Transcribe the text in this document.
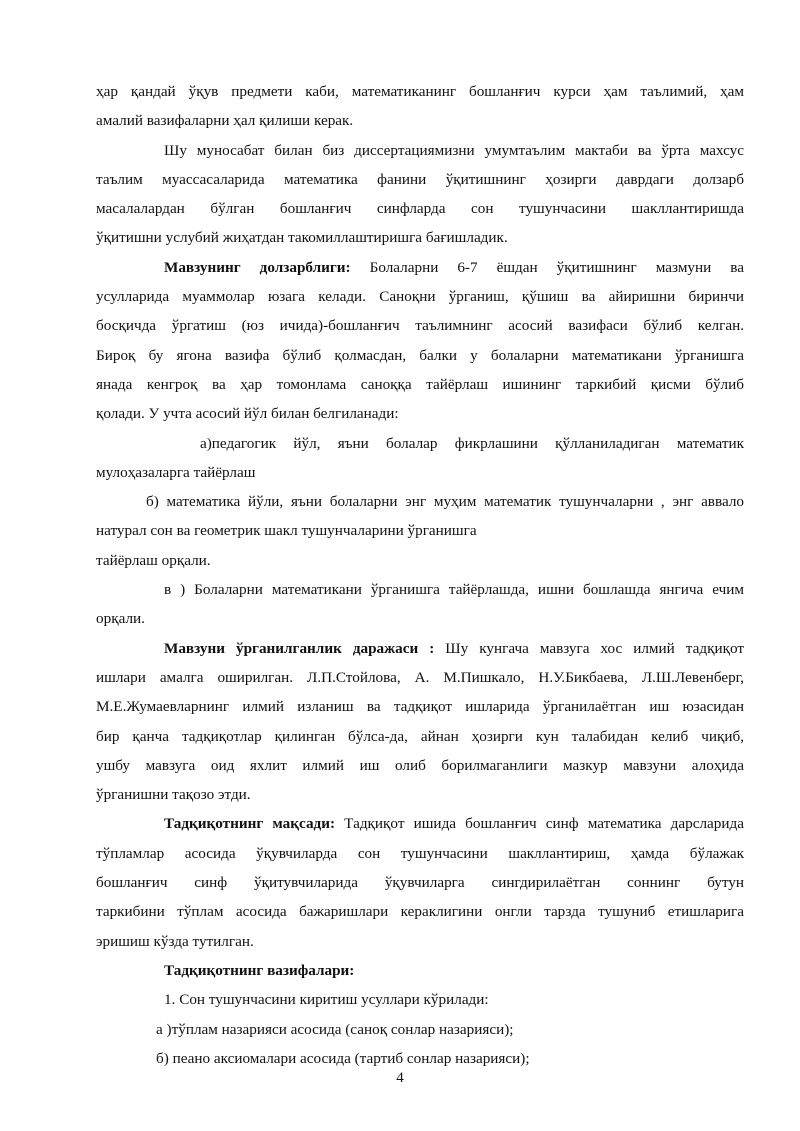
ҳар қандай ўқув предмети каби, математиканинг бошланғич курси ҳам таълимий, ҳам
амалий вазифаларни ҳал қилиши керак.
Шу муносабат билан биз диссертациямизни умумтаълим мактаби ва ўрта махсус
таълим муассасаларида математика фанини ўқитишнинг ҳозирги даврдаги долзарб
масалалардан бўлган бошланғич синфларда сон тушунчасини шакллантиришда
ўқитишни услубий жиҳатдан такомиллаштиришга бағишладик.
Мавзунинг долзарблиги: Болаларни 6-7 ёшдан ўқитишнинг мазмуни ва
усулларида муаммолар юзага келади. Саноқни ўрганиш, қўшиш ва айиришни биринчи
босқичда ўргатиш (юз ичида)-бошланғич таълимнинг асосий вазифаси бўлиб келган.
Бироқ бу ягона вазифа бўлиб қолмасдан, балки у болаларни математикани ўрганишга
янада кенгроқ ва ҳар томонлама саноққа тайёрлаш ишининг таркибий қисми бўлиб
қолади. У учта асосий йўл билан белгиланади:
а)педагогик йўл, яъни болалар фикрлашини қўлланиладиган математик
мулоҳазаларга тайёрлаш
б) математика йўли, яъни болаларни энг муҳим математик тушунчаларни , энг аввало
натурал сон ва геометрик шакл тушунчаларини ўрганишга
тайёрлаш орқали.
в ) Болаларни математикани ўрганишга тайёрлашда, ишни бошлашда янгича ечим
орқали.
Мавзуни ўрганилганлик даражаси : Шу кунгача мавзуга хос илмий тадқиқот
ишлари амалга оширилган. Л.П.Стойлова, А. М.Пишкало, Н.У.Бикбаева, Л.Ш.Левенберг,
М.Е.Жумаевларнинг илмий изланиш ва тадқиқот ишларида ўрганилаётган иш юзасидан
бир қанча тадқиқотлар қилинган бўлса-да, айнан ҳозирги кун талабидан келиб чиқиб,
ушбу мавзуга оид яхлит илмий иш олиб борилмаганлиги мазкур мавзуни алоҳида
ўрганишни тақозо этди.
Тадқиқотнинг мақсади: Тадқиқот ишида бошланғич синф математика дарсларида
тўпламлар асосида ўқувчиларда сон тушунчасини шакллантириш, ҳамда бўлажак
бошланғич синф ўқитувчиларида ўқувчиларга сингдирилаётган соннинг бутун
таркибини тўплам асосида бажаришлари кераклигини онгли тарзда тушуниб етишларига
эришиш кўзда тутилган.
Тадқиқотнинг вазифалари:
1. Сон тушунчасини киритиш усуллари кўрилади:
а )тўплам назарияси асосида (саноқ сонлар назарияси);
б) пеано аксиомалари асосида (тартиб сонлар назарияси);
4
